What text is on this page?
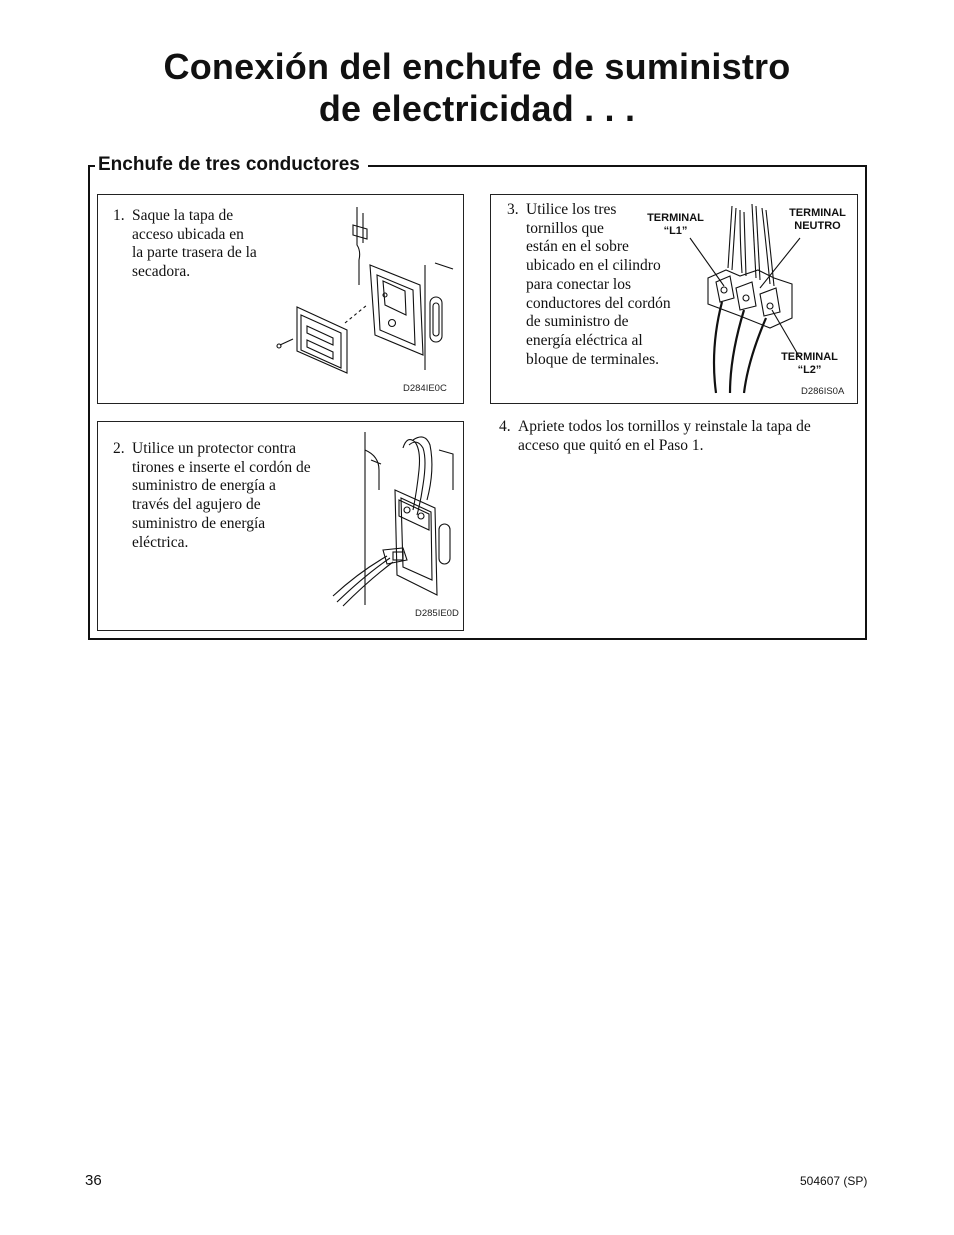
Conexión del enchufe de suministro
de electricidad . . .
Enchufe de tres conductores
1. Saque la tapa de
acceso ubicada en
la parte trasera de la
secadora.
D284IE0C
2. Utilice un protector contra
tirones e inserte el cordón de
suministro de energía a
través del agujero de
suministro de energía
eléctrica.
D285IE0D
3. Utilice los tres
tornillos que
están en el sobre
ubicado en el cilindro
para conectar los
conductores del cordón
de suministro de
energía eléctrica al
bloque de terminales.
TERMINAL
“L1”
TERMINAL
NEUTRO
TERMINAL
“L2”
D286IS0A
4. Apriete todos los tornillos y reinstale la tapa de
acceso que quitó en el Paso 1.
36	504607 (SP)
